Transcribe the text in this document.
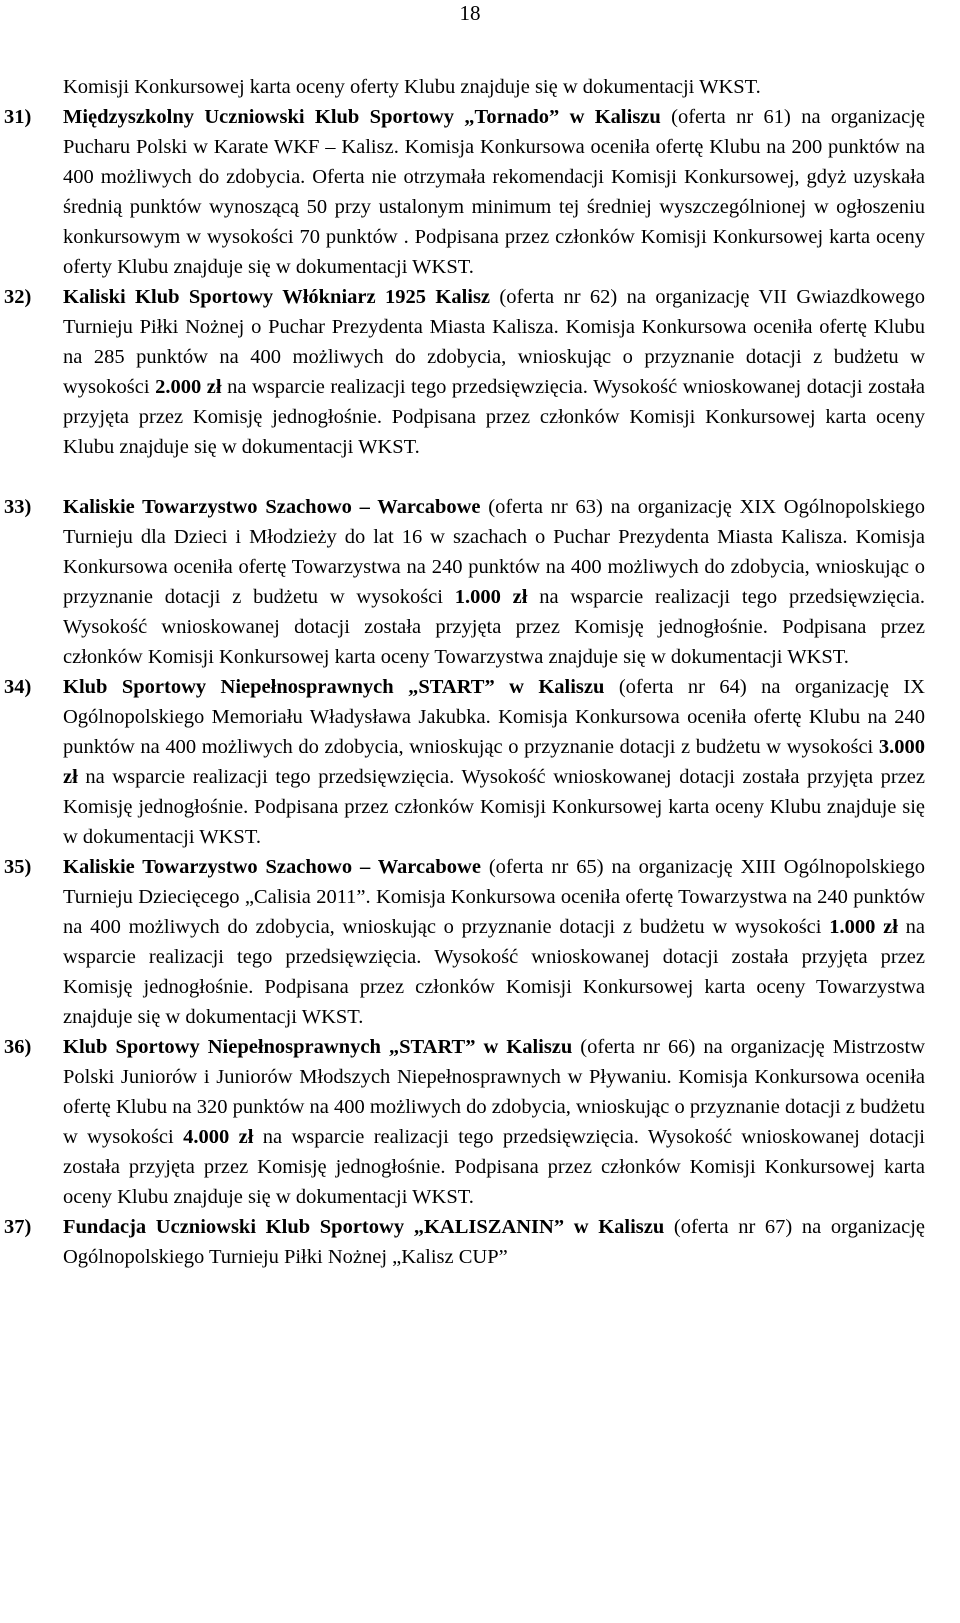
18

Komisji Konkursowej karta oceny oferty Klubu znajduje się w dokumentacji WKST.

31) Międzyszkolny Uczniowski Klub Sportowy „Tornado” w Kaliszu (oferta nr 61) na organizację Pucharu Polski w Karate WKF – Kalisz. Komisja Konkursowa oceniła ofertę Klubu na 200 punktów na 400 możliwych do zdobycia. Oferta nie otrzymała rekomendacji Komisji Konkursowej, gdyż uzyskała średnią punktów wynoszącą 50 przy ustalonym minimum tej średniej wyszczególnionej w ogłoszeniu konkursowym w wysokości 70 punktów . Podpisana przez członków Komisji Konkursowej karta oceny oferty Klubu znajduje się w dokumentacji WKST.

32) Kaliski Klub Sportowy Włókniarz 1925 Kalisz (oferta nr 62) na organizację VII Gwiazdkowego Turnieju Piłki Nożnej o Puchar Prezydenta Miasta Kalisza. Komisja Konkursowa oceniła ofertę Klubu na 285 punktów na 400 możliwych do zdobycia, wnioskując o przyznanie dotacji z budżetu w wysokości 2.000 zł na wsparcie realizacji tego przedsięwzięcia. Wysokość wnioskowanej dotacji została przyjęta przez Komisję jednogłośnie. Podpisana przez członków Komisji Konkursowej karta oceny Klubu znajduje się w dokumentacji WKST.

33) Kaliskie Towarzystwo Szachowo – Warcabowe (oferta nr 63) na organizację XIX Ogólnopolskiego Turnieju dla Dzieci i Młodzieży do lat 16 w szachach o Puchar Prezydenta Miasta Kalisza. Komisja Konkursowa oceniła ofertę Towarzystwa na 240 punktów na 400 możliwych do zdobycia, wnioskując o przyznanie dotacji z budżetu w wysokości 1.000 zł na wsparcie realizacji tego przedsięwzięcia. Wysokość wnioskowanej dotacji została przyjęta przez Komisję jednogłośnie. Podpisana przez członków Komisji Konkursowej karta oceny Towarzystwa znajduje się w dokumentacji WKST.

34) Klub Sportowy Niepełnosprawnych „START” w Kaliszu (oferta nr 64) na organizację IX Ogólnopolskiego Memoriału Władysława Jakubka. Komisja Konkursowa oceniła ofertę Klubu na 240 punktów na 400 możliwych do zdobycia, wnioskując o przyznanie dotacji z budżetu w wysokości 3.000 zł na wsparcie realizacji tego przedsięwzięcia. Wysokość wnioskowanej dotacji została przyjęta przez Komisję jednogłośnie. Podpisana przez członków Komisji Konkursowej karta oceny Klubu znajduje się w dokumentacji WKST.

35) Kaliskie Towarzystwo Szachowo – Warcabowe (oferta nr 65) na organizację XIII Ogólnopolskiego Turnieju Dziecięcego „Calisia 2011”. Komisja Konkursowa oceniła ofertę Towarzystwa na 240 punktów na 400 możliwych do zdobycia, wnioskując o przyznanie dotacji z budżetu w wysokości 1.000 zł na wsparcie realizacji tego przedsięwzięcia. Wysokość wnioskowanej dotacji została przyjęta przez Komisję jednogłośnie. Podpisana przez członków Komisji Konkursowej karta oceny Towarzystwa znajduje się w dokumentacji WKST.

36) Klub Sportowy Niepełnosprawnych „START” w Kaliszu (oferta nr 66) na organizację Mistrzostw Polski Juniorów i Juniorów Młodszych Niepełnosprawnych w Pływaniu. Komisja Konkursowa oceniła ofertę Klubu na 320 punktów na 400 możliwych do zdobycia, wnioskując o przyznanie dotacji z budżetu w wysokości 4.000 zł na wsparcie realizacji tego przedsięwzięcia. Wysokość wnioskowanej dotacji została przyjęta przez Komisję jednogłośnie. Podpisana przez członków Komisji Konkursowej karta oceny Klubu znajduje się w dokumentacji WKST.

37) Fundacja Uczniowski Klub Sportowy „KALISZANIN” w Kaliszu (oferta nr 67) na organizację Ogólnopolskiego Turnieju Piłki Nożnej „Kalisz CUP”
